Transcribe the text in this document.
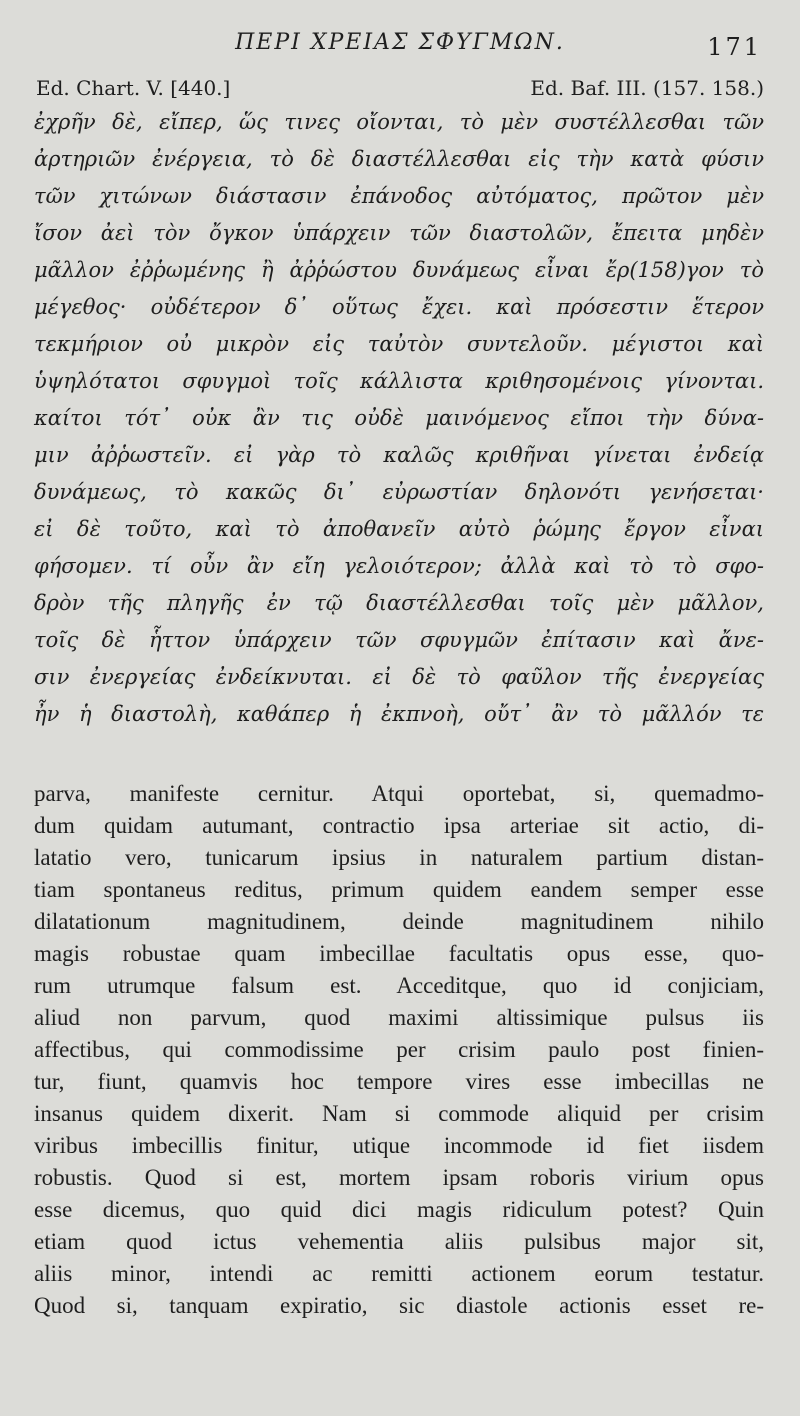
ΠΕΡΙ ΧΡΕΙΑΣ ΣΦΥΓΜΩΝ.	171
Ed. Chart. V. [440.]	Ed. Baf. III. (157. 158.)
ἐχρῆν δὲ, εἴπερ, ὥς τινες οἴονται, τὸ μὲν συστέλλεσθαι τῶν
ἀρτηριῶν ἐνέργεια, τὸ δὲ διαστέλλεσθαι εἰς τὴν κατὰ φύσιν
τῶν χιτώνων διάστασιν ἐπάνοδος αὐτόματος, πρῶτον μὲν
ἴσον ἀεὶ τὸν ὄγκον ὑπάρχειν τῶν διαστολῶν, ἔπειτα μηδὲν
μᾶλλον ἐῤῥωμένης ἢ ἀῤῥώστου δυνάμεως εἶναι ἔρ(158)γον τὸ
μέγεθος· οὐδέτερον δ᾽ οὕτως ἔχει. καὶ πρόσεστιν ἕτερον
τεκμήριον οὐ μικρὸν εἰς ταὐτὸν συντελοῦν. μέγιστοι καὶ
ὑψηλότατοι σφυγμοὶ τοῖς κάλλιστα κριθησομένοις γίνονται.
καίτοι τότ᾽ οὐκ ἂν τις οὐδὲ μαινόμενος εἴποι τὴν δύνα-
μιν ἀῤῥωστεῖν. εἰ γὰρ τὸ καλῶς κριθῆναι γίνεται ἐνδείᾳ
δυνάμεως, τὸ κακῶς δι᾽ εὐρωστίαν δηλονότι γενήσεται·
εἰ δὲ τοῦτο, καὶ τὸ ἀποθανεῖν αὐτὸ ῥώμης ἔργον εἶναι
φήσομεν. τί οὖν ἂν εἴη γελοιότερον; ἀλλὰ καὶ τὸ τὸ σφο-
δρὸν τῆς πληγῆς ἐν τῷ διαστέλλεσθαι τοῖς μὲν μᾶλλον,
τοῖς δὲ ἧττον ὑπάρχειν τῶν σφυγμῶν ἐπίτασιν καὶ ἄνε-
σιν ἐνεργείας ἐνδείκνυται. εἰ δὲ τὸ φαῦλον τῆς ἐνεργείας
ἦν ἡ διαστολὴ, καθάπερ ἡ ἐκπνοὴ, οὔτ᾽ ἂν τὸ μᾶλλόν τε
parva, manifeste cernitur. Atqui oportebat, si, quemadmo-
dum quidam autumant, contractio ipsa arteriae sit actio, di-
latatio vero, tunicarum ipsius in naturalem partium distan-
tiam spontaneus reditus, primum quidem eandem semper esse
dilatationum magnitudinem, deinde magnitudinem nihilo
magis robustae quam imbecillae facultatis opus esse, quo-
rum utrumque falsum est. Acceditque, quo id conjiciam,
aliud non parvum, quod maximi altissimique pulsus iis
affectibus, qui commodissime per crisim paulo post finien-
tur, fiunt, quamvis hoc tempore vires esse imbecillas ne
insanus quidem dixerit. Nam si commode aliquid per crisim
viribus imbecillis finitur, utique incommode id fiet iisdem
robustis. Quod si est, mortem ipsam roboris virium opus
esse dicemus, quo quid dici magis ridiculum potest? Quin
etiam quod ictus vehementia aliis pulsibus major sit,
aliis minor, intendi ac remitti actionem eorum testatur.
Quod si, tanquam expiratio, sic diastole actionis esset re-
